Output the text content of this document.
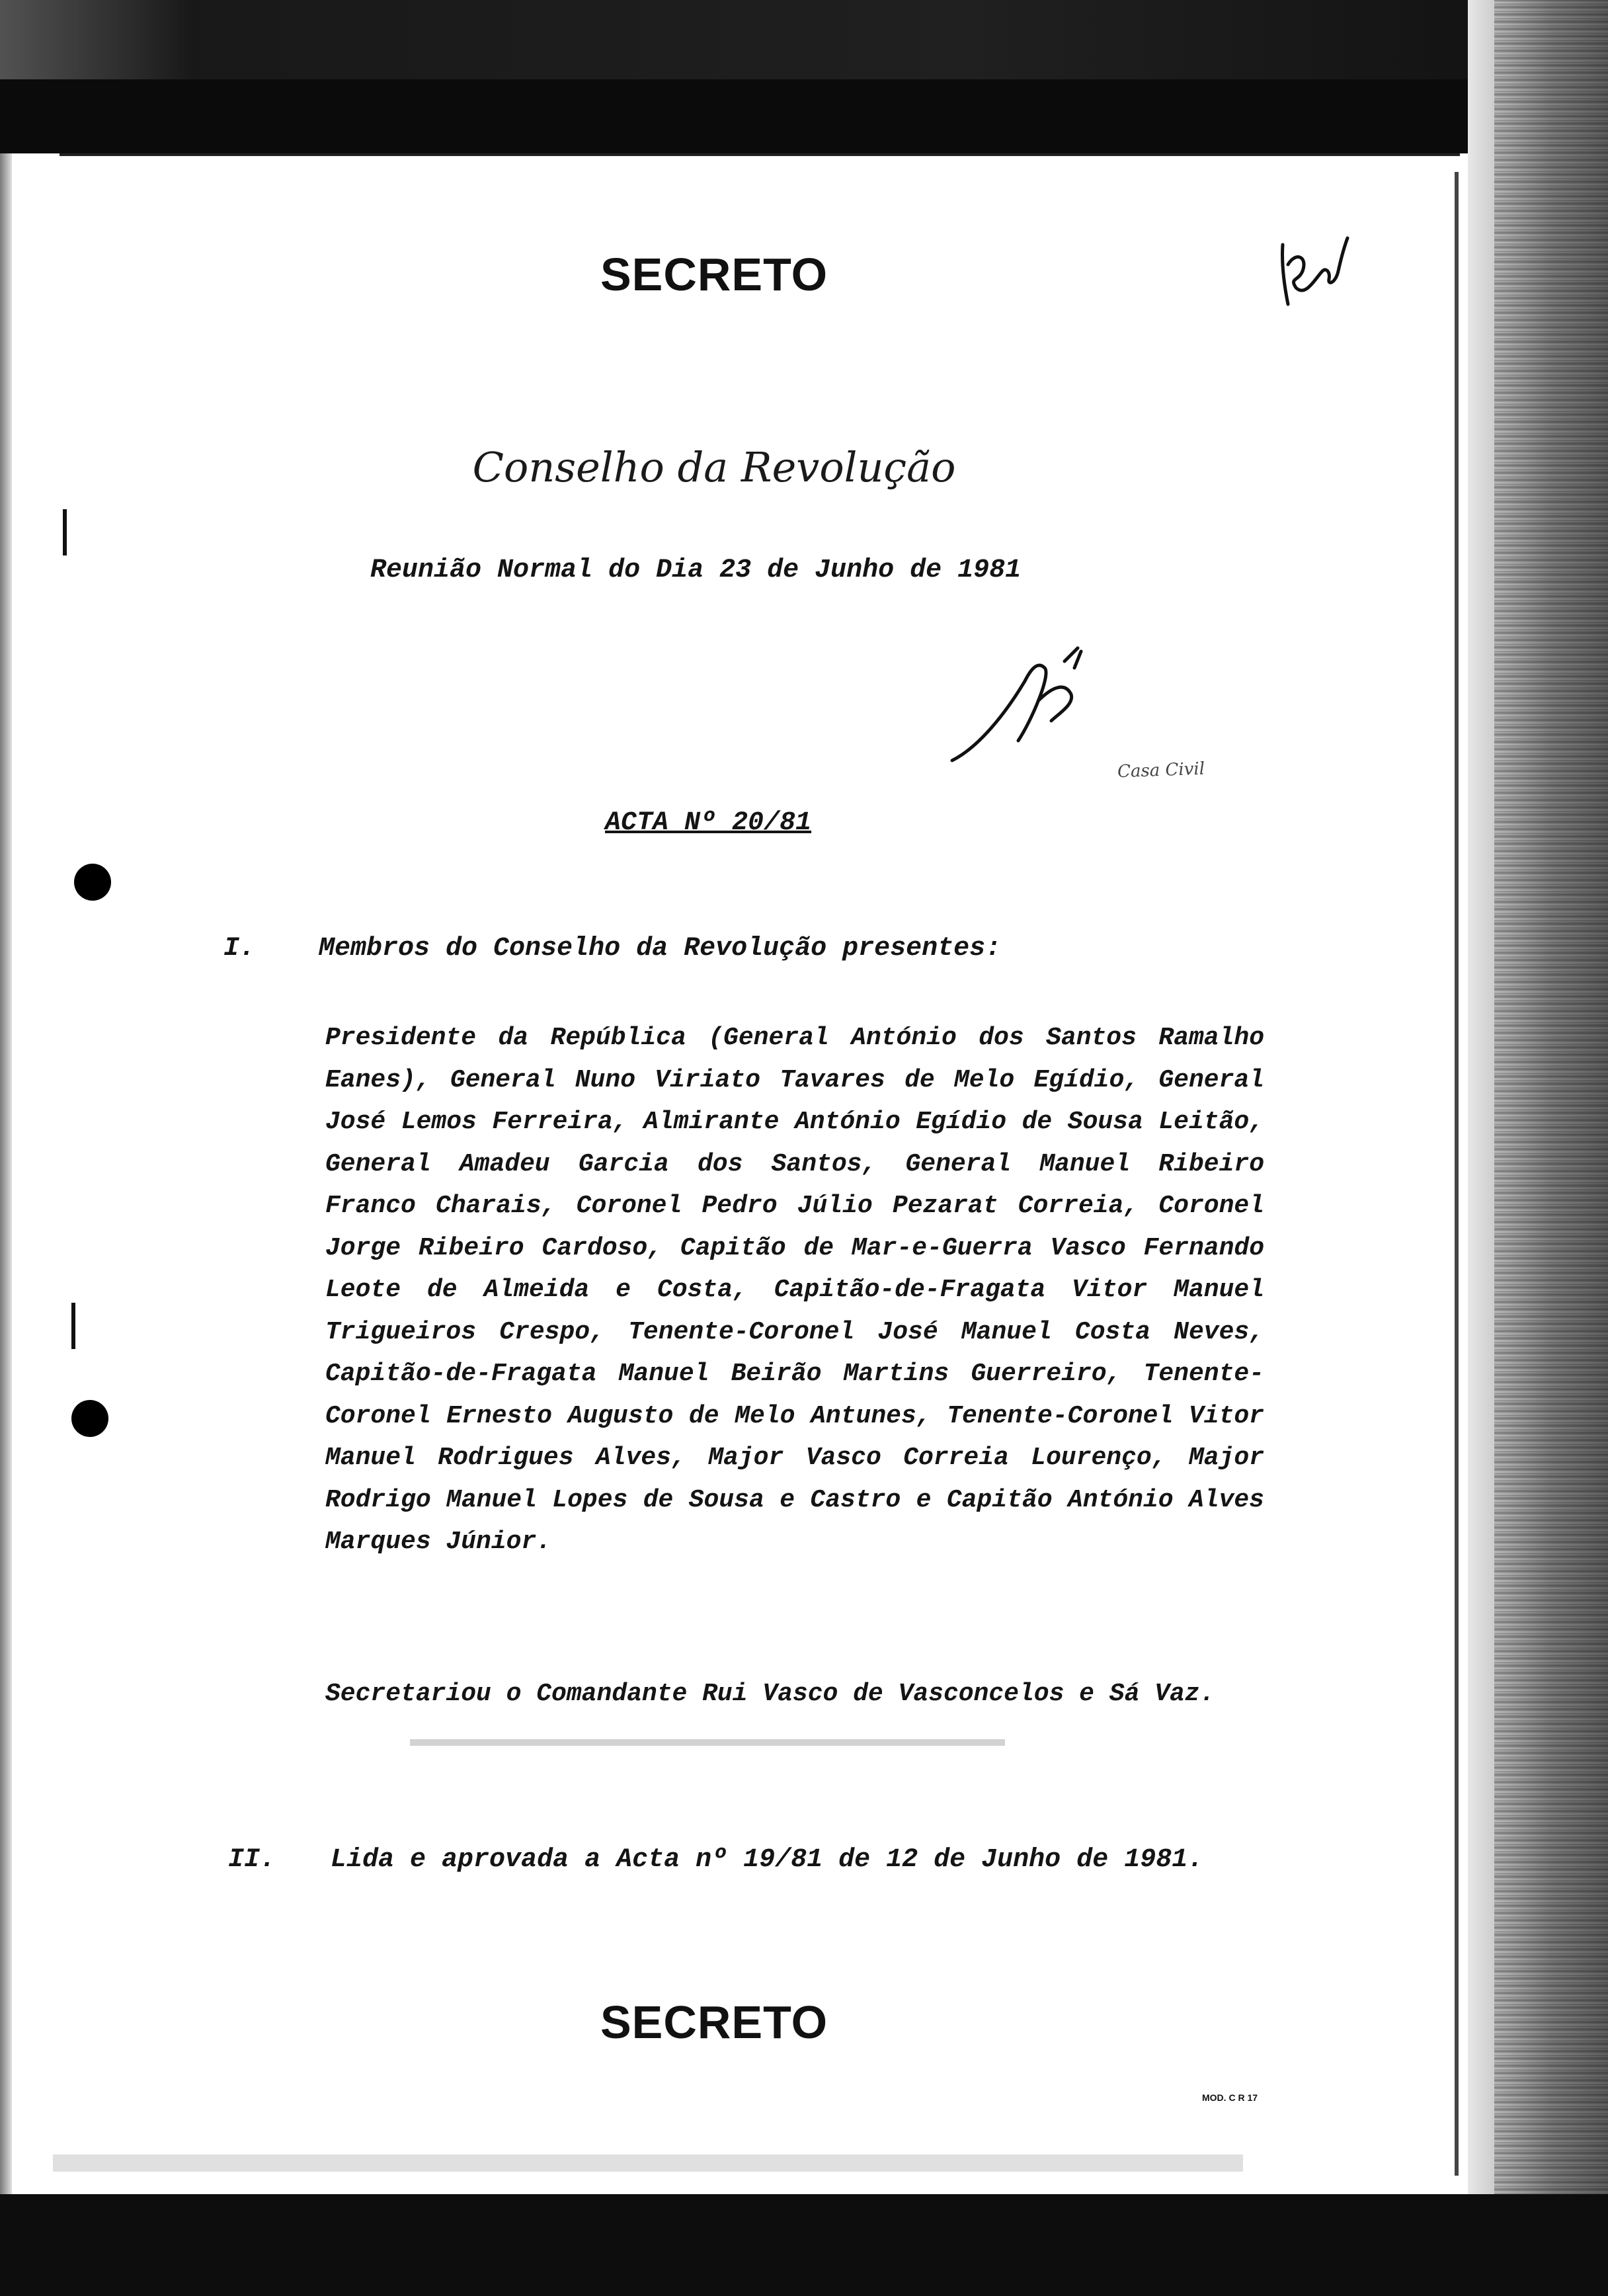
SECRETO
Conselho da Revolução
Reunião Normal do Dia 23 de Junho de 1981
Casa Civil
ACTA Nº 20/81
I. Membros do Conselho da Revolução presentes:
Presidente da República (General António dos Santos Ramalho Eanes), General Nuno Viriato Tavares de Melo Egídio, General José Lemos Ferreira, Almirante António Egídio de Sousa Leitão, General Amadeu Garcia dos Santos, General Manuel Ribeiro Franco Charais, Coronel Pedro Júlio Pezarat Correia, Coronel Jorge Ribeiro Cardoso, Capitão de Mar-e-Guerra Vasco Fernando Leote de Almeida e Costa, Capitão-de-Fragata Vitor Manuel Trigueiros Crespo, Tenente-Coronel José Manuel Costa Neves, Capitão-de-Fragata Manuel Beirão Martins Guerreiro, Tenente-Coronel Ernesto Augusto de Melo Antunes, Tenente-Coronel Vitor Manuel Rodrigues Alves, Major Vasco Correia Lourenço, Major Rodrigo Manuel Lopes de Sousa e Castro e Capitão António Alves Marques Júnior.
Secretariou o Comandante Rui Vasco de Vasconcelos e Sá Vaz.
II. Lida e aprovada a Acta nº 19/81 de 12 de Junho de 1981.
SECRETO
MOD. C R 17
